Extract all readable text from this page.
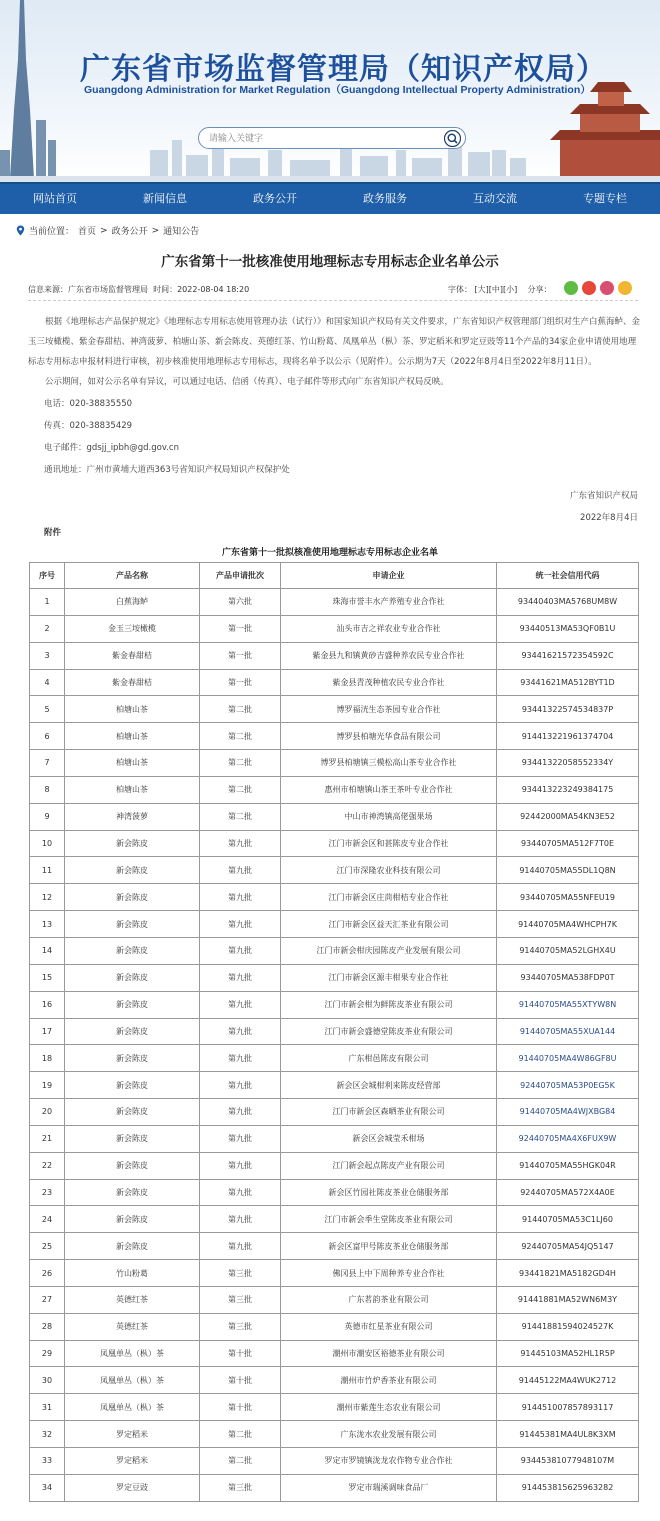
广东省市场监督管理局（知识产权局）
Guangdong Administration for Market Regulation（Guangdong Intellectual Property Administration）
请输入关键字
网站首页	新闻信息	政务公开	政务服务	互动交流	专题专栏
当前位置： 首页 > 政务公开 > 通知公告
广东省第十一批核准使用地理标志专用标志企业名单公示
信息来源：广东省市场监督管理局 时间：2022-08-04 18:20	字体： [大][中][小] 分享：
根据《地理标志产品保护规定》《地理标志专用标志使用管理办法（试行）》和国家知识产权局有关文件要求，广东省知识产权管理部门组织对生产白蕉海鲈、金玉三垵橄榄、紫金春甜桔、神湾菠萝、柏塘山茶、新会陈皮、英德红茶、竹山粉葛、凤凰单丛（枞）茶、罗定稻米和罗定豆豉等11个产品的34家企业申请使用地理标志专用标志申报材料进行审核，初步核准使用地理标志专用标志，现将名单予以公示（见附件）。公示期为7天（2022年8月4日至2022年8月11日）。
公示期间，如对公示名单有异议，可以通过电话、信函（传真）、电子邮件等形式向广东省知识产权局反映。
电话：020-38835550
传真：020-38835429
电子邮件：gdsjj_ipbh@gd.gov.cn
通讯地址：广州市黄埔大道西363号省知识产权局知识产权保护处
广东省知识产权局
2022年8月4日
附件
广东省第十一批拟核准使用地理标志专用标志企业名单
序号	产品名称	产品申请批次	申请企业	统一社会信用代码
1	白蕉海鲈	第六批	珠海市誉丰水产养殖专业合作社	93440403MA5768UM8W
2	金玉三垵橄榄	第一批	汕头市吉之祥农业专业合作社	93440513MA53QF0B1U
3	紫金春甜桔	第一批	紫金县九和镇黄砂吉盛种养农民专业合作社	93441621572354592C
4	紫金春甜桔	第一批	紫金县青茂种植农民专业合作社	93441621MA512BYT1D
5	柏塘山茶	第二批	博罗福洸生态茶园专业合作社	93441322574534837P
6	柏塘山茶	第二批	博罗县柏塘光华食品有限公司	914413221961374704
7	柏塘山茶	第二批	博罗县柏塘镇三模松高山茶专业合作社	93441322058552334Y
8	柏塘山茶	第二批	惠州市柏塘镇山茶王茶叶专业合作社	934413223249384175
9	神湾菠萝	第二批	中山市神湾镇高佬强果场	92442000MA54KN3E52
10	新会陈皮	第九批	江门市新会区和甚陈皮专业合作社	93440705MA512F7T0E
11	新会陈皮	第九批	江门市深隆农业科技有限公司	91440705MA55DL1Q8N
12	新会陈皮	第九批	江门市新会区庄苘柑桔专业合作社	93440705MA55NFEU19
13	新会陈皮	第九批	江门市新会区益天汇茶业有限公司	91440705MA4WHCPH7K
14	新会陈皮	第九批	江门市新会柑庆园陈皮产业发展有限公司	91440705MA52LGHX4U
15	新会陈皮	第九批	江门市新会区源丰柑果专业合作社	93440705MA538FDP0T
16	新会陈皮	第九批	江门市新会柑为鲜陈皮茶业有限公司	91440705MA55XTYW8N
17	新会陈皮	第九批	江门市新会盛德堂陈皮茶业有限公司	91440705MA55XUA144
18	新会陈皮	第九批	广东柑邑陈皮有限公司	91440705MA4W86GF8U
19	新会陈皮	第九批	新会区会城柑利来陈皮经营部	92440705MA53P0EG5K
20	新会陈皮	第九批	江门市新会区森晒茶业有限公司	91440705MA4WJXBG84
21	新会陈皮	第九批	新会区会城莹禾柑场	92440705MA4X6FUX9W
22	新会陈皮	第九批	江门新会起点陈皮产业有限公司	91440705MA55HGK04R
23	新会陈皮	第九批	新会区竹园社陈皮茶业仓储服务部	92440705MA572X4A0E
24	新会陈皮	第九批	江门市新会季生堂陈皮茶业有限公司	91440705MA53C1LJ60
25	新会陈皮	第九批	新会区富甲号陈皮茶业仓储服务部	92440705MA54JQ5147
26	竹山粉葛	第三批	佛冈县上中下周种养专业合作社	93441821MA5182GD4H
27	英德红茶	第三批	广东茗韵茶业有限公司	91441881MA52WN6M3Y
28	英德红茶	第三批	英德市红星茶业有限公司	9144188159402452​7K
29	凤凰单丛（枞）茶	第十批	潮州市潮安区裕德茶业有限公司	91445103MA52HL1R5P
30	凤凰单丛（枞）茶	第十批	潮州市竹炉香茶业有限公司	91445122MA4WUK2712
31	凤凰单丛（枞）茶	第十批	潮州市紫莲生态农业有限公司	914451007857893117
32	罗定稻米	第二批	广东泷水农业发展有限公司	91445381MA4UL8K3XM
33	罗定稻米	第二批	罗定市罗镜镇泷龙农作物专业合作社	93445381077948107M
34	罗定豆豉	第三批	罗定市瑞溪调味食品厂	914453815625963282
